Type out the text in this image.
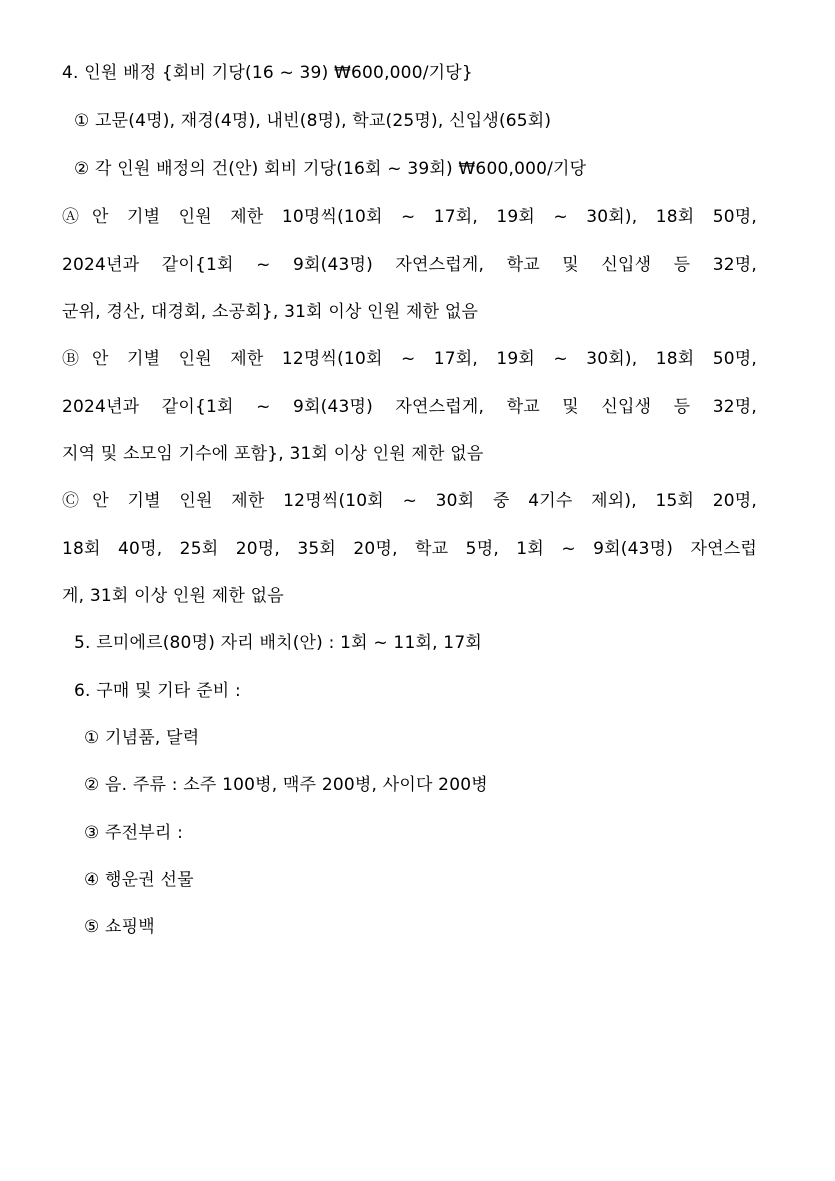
4. 인원 배정 {회비 기당(16 ~ 39) ₩600,000/기당}
① 고문(4명), 재경(4명), 내빈(8명), 학교(25명), 신입생(65회)
② 각 인원 배정의 건(안) 회비 기당(16회 ~ 39회) ₩600,000/기당
Ⓐ안 기별 인원 제한 10명씩(10회 ~ 17회, 19회 ~ 30회), 18회 50명,
2024년과 같이{1회 ~ 9회(43명) 자연스럽게, 학교 및 신입생 등 32명,
군위, 경산, 대경회, 소공회}, 31회 이상 인원 제한 없음
Ⓑ안 기별 인원 제한 12명씩(10회 ~ 17회, 19회 ~ 30회), 18회 50명,
2024년과 같이{1회 ~ 9회(43명) 자연스럽게, 학교 및 신입생 등 32명,
지역 및 소모임 기수에 포함}, 31회 이상 인원 제한 없음
Ⓒ안 기별 인원 제한 12명씩(10회 ~ 30회 중 4기수 제외), 15회 20명,
18회 40명, 25회 20명, 35회 20명, 학교 5명, 1회 ~ 9회(43명) 자연스럽
게, 31회 이상 인원 제한 없음
5. 르미에르(80명) 자리 배치(안) : 1회 ~ 11회, 17회
6. 구매 및 기타 준비 :
① 기념품, 달력
② 음. 주류 : 소주 100병, 맥주 200병, 사이다 200병
③ 주전부리 :
④ 행운권 선물
⑤ 쇼핑백
